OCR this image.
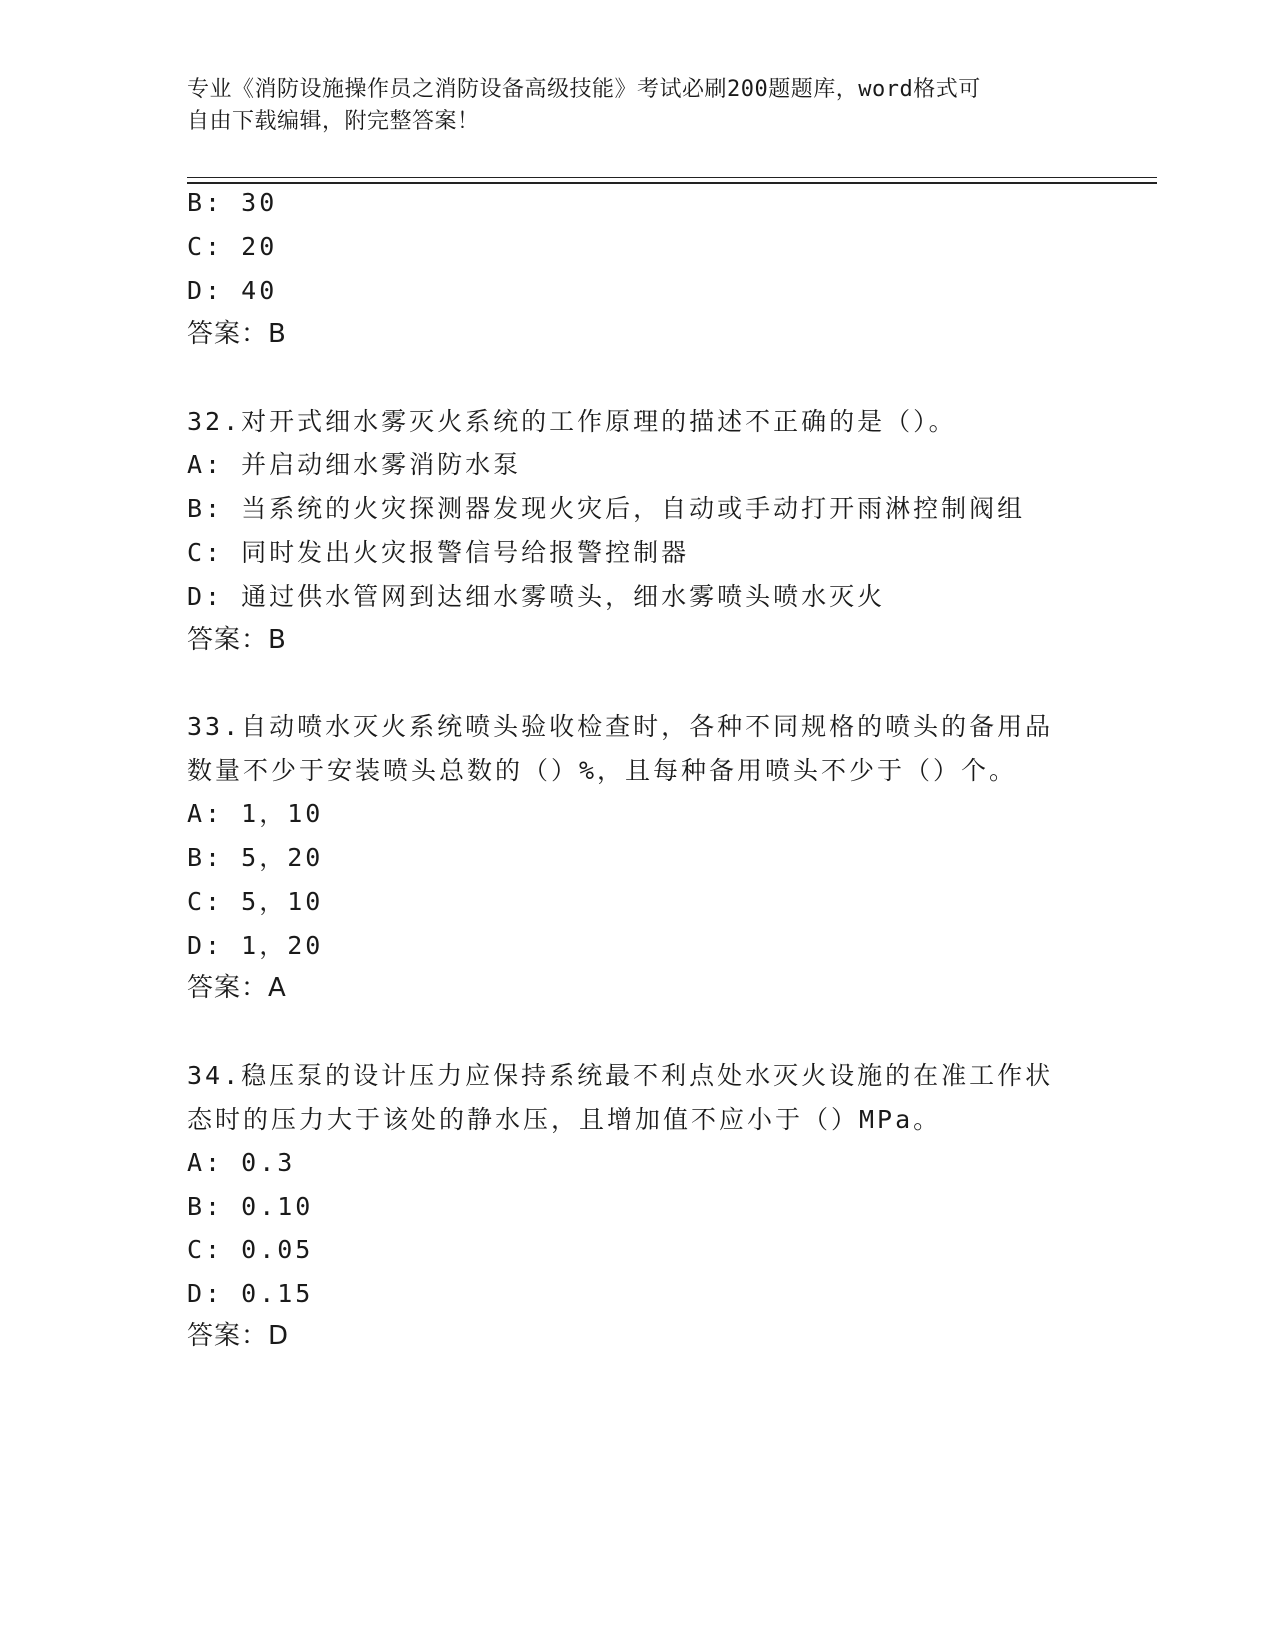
专业《消防设施操作员之消防设备高级技能》考试必刷200题题库，word格式可
自由下载编辑，附完整答案！
B: 30
C: 20
D: 40
答案：B
32.对开式细水雾灭火系统的工作原理的描述不正确的是（）。
A: 并启动细水雾消防水泵
B: 当系统的火灾探测器发现火灾后，自动或手动打开雨淋控制阀组
C: 同时发出火灾报警信号给报警控制器
D: 通过供水管网到达细水雾喷头，细水雾喷头喷水灭火
答案：B
33.自动喷水灭火系统喷头验收检查时，各种不同规格的喷头的备用品
数量不少于安装喷头总数的（）%，且每种备用喷头不少于（）个。
A: 1，10
B: 5，20
C: 5，10
D: 1，20
答案：A
34.稳压泵的设计压力应保持系统最不利点处水灭火设施的在准工作状
态时的压力大于该处的静水压，且增加值不应小于（）MPa。
A: 0.3
B: 0.10
C: 0.05
D: 0.15
答案：D
